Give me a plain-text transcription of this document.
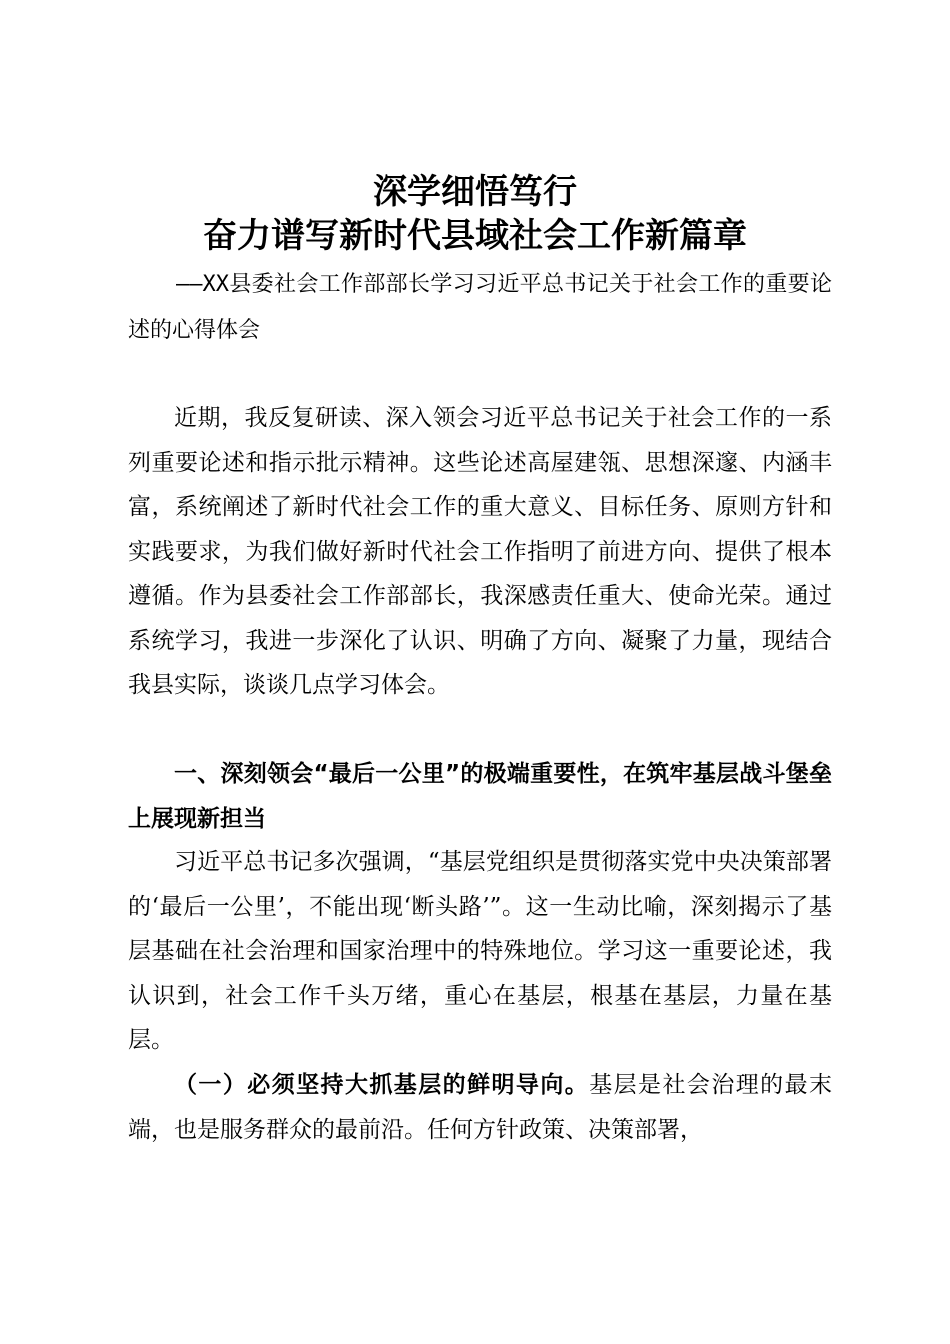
深学细悟笃行
奋力谱写新时代县域社会工作新篇章

——XX县委社会工作部部长学习习近平总书记关于社会工作的重要论述的心得体会

近期，我反复研读、深入领会习近平总书记关于社会工作的一系列重要论述和指示批示精神。这些论述高屋建瓴、思想深邃、内涵丰富，系统阐述了新时代社会工作的重大意义、目标任务、原则方针和实践要求，为我们做好新时代社会工作指明了前进方向、提供了根本遵循。作为县委社会工作部部长，我深感责任重大、使命光荣。通过系统学习，我进一步深化了认识、明确了方向、凝聚了力量，现结合我县实际，谈谈几点学习体会。

一、深刻领会“最后一公里”的极端重要性，在筑牢基层战斗堡垒上展现新担当

习近平总书记多次强调，“基层党组织是贯彻落实党中央决策部署的‘最后一公里’，不能出现‘断头路’”。这一生动比喻，深刻揭示了基层基础在社会治理和国家治理中的特殊地位。学习这一重要论述，我认识到，社会工作千头万绪，重心在基层，根基在基层，力量在基层。

（一）必须坚持大抓基层的鲜明导向。基层是社会治理的最末端，也是服务群众的最前沿。任何方针政策、决策部署，
